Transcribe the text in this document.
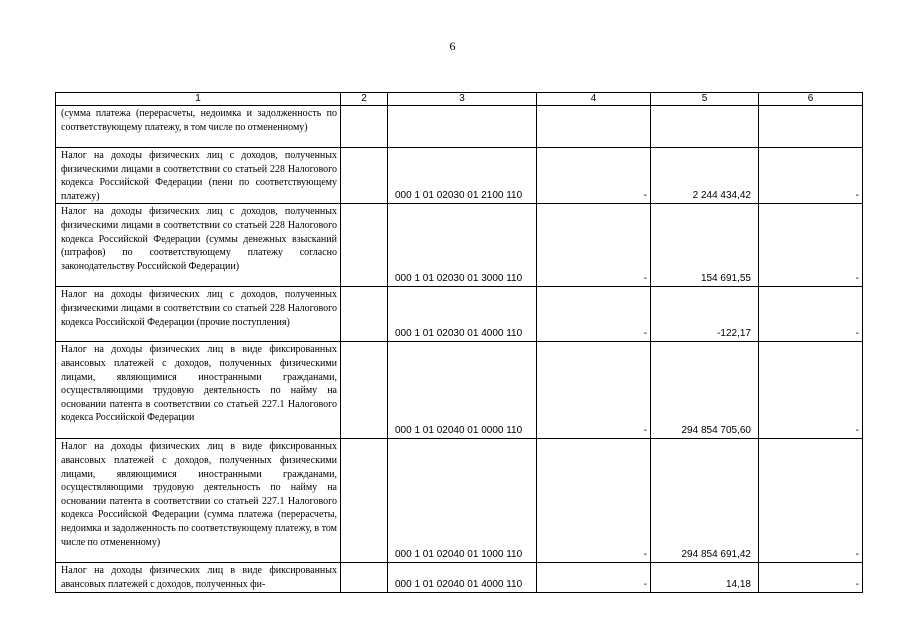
6
1	2	3	4	5	6
(сумма платежа (перерасчеты, недоимка и задолженность по соответствующему платежу, в том числе по отмененному)					
Налог на доходы физических лиц с доходов, полученных физическими лицами в соответствии со статьей 228 Налогового кодекса Российской Федерации (пени по соответствующему платежу)		000 1 01 02030 01 2100 110	-	2 244 434,42	-
Налог на доходы физических лиц с доходов, полученных физическими лицами в соответствии со статьей 228 Налогового кодекса Российской Федерации (суммы денежных взысканий (штрафов) по соответствующему платежу согласно законодательству Российской Федерации)		000 1 01 02030 01 3000 110	-	154 691,55	-
Налог на доходы физических лиц с доходов, полученных физическими лицами в соответствии со статьей 228 Налогового кодекса Российской Федерации (прочие поступления)		000 1 01 02030 01 4000 110	-	-122,17	-
Налог на доходы физических лиц в виде фиксированных авансовых платежей с доходов, полученных физическими лицами, являющимися иностранными гражданами, осуществляющими трудовую деятельность по найму на основании патента в соответствии со статьей 227.1 Налогового кодекса Российской Федерации		000 1 01 02040 01 0000 110	-	294 854 705,60	-
Налог на доходы физических лиц в виде фиксированных авансовых платежей с доходов, полученных физическими лицами, являющимися иностранными гражданами, осуществляющими трудовую деятельность по найму на основании патента в соответствии со статьей 227.1 Налогового кодекса Российской Федерации (сумма платежа (перерасчеты, недоимка и задолженность по соответствующему платежу, в том числе по отмененному)		000 1 01 02040 01 1000 110	-	294 854 691,42	-
Налог на доходы физических лиц в виде фиксированных авансовых платежей с доходов, полученных фи-		000 1 01 02040 01 4000 110	-	14,18	-
